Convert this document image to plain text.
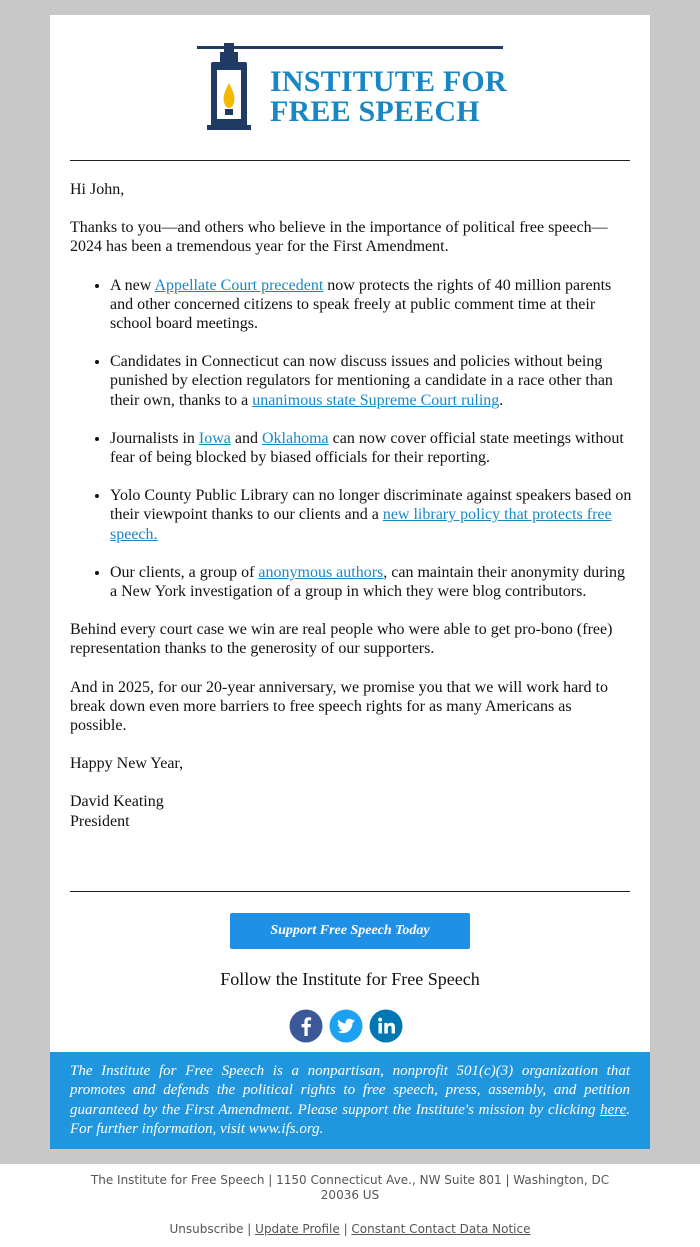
INSTITUTE FOR
FREE SPEECH

Hi John,

Thanks to you—and others who believe in the importance of political free speech—2024 has been a tremendous year for the First Amendment.

• A new Appellate Court precedent now protects the rights of 40 million parents and other concerned citizens to speak freely at public comment time at their school board meetings.
• Candidates in Connecticut can now discuss issues and policies without being punished by election regulators for mentioning a candidate in a race other than their own, thanks to a unanimous state Supreme Court ruling.
• Journalists in Iowa and Oklahoma can now cover official state meetings without fear of being blocked by biased officials for their reporting.
• Yolo County Public Library can no longer discriminate against speakers based on their viewpoint thanks to our clients and a new library policy that protects free speech.
• Our clients, a group of anonymous authors, can maintain their anonymity during a New York investigation of a group in which they were blog contributors.

Behind every court case we win are real people who were able to get pro-bono (free) representation thanks to the generosity of our supporters.

And in 2025, for our 20-year anniversary, we promise you that we will work hard to break down even more barriers to free speech rights for as many Americans as possible.

Happy New Year,

David Keating
President
Support Free Speech Today
Follow the Institute for Free Speech
The Institute for Free Speech is a nonpartisan, nonprofit 501(c)(3) organization that promotes and defends the political rights to free speech, press, assembly, and petition guaranteed by the First Amendment. Please support the Institute's mission by clicking here. For further information, visit www.ifs.org.
The Institute for Free Speech | 1150 Connecticut Ave., NW Suite 801 | Washington, DC 20036 US
Unsubscribe | Update Profile | Constant Contact Data Notice
